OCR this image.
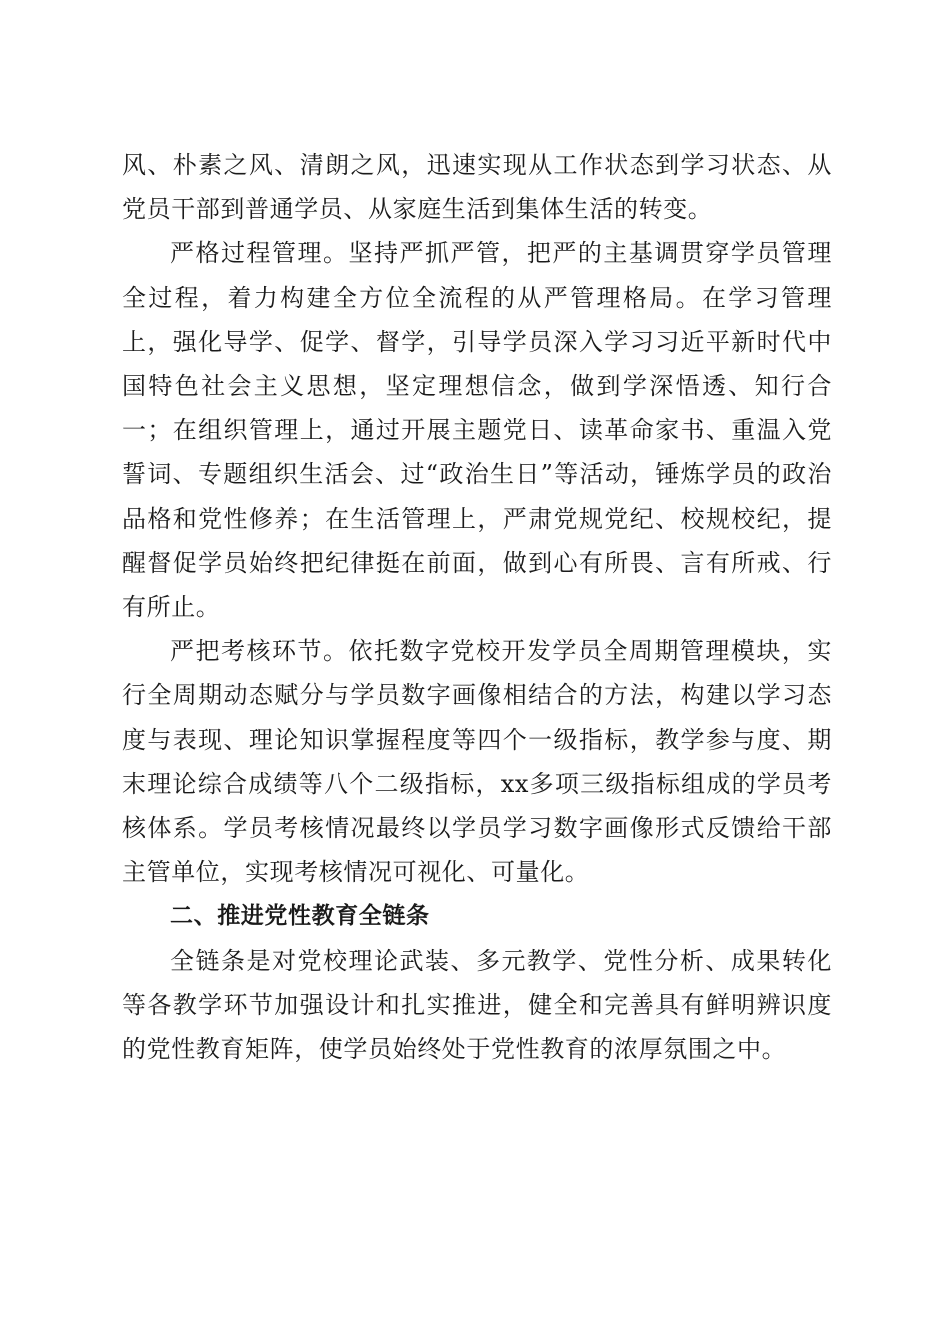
风、朴素之风、清朗之风，迅速实现从工作状态到学习状态、从党员干部到普通学员、从家庭生活到集体生活的转变。

严格过程管理。坚持严抓严管，把严的主基调贯穿学员管理全过程，着力构建全方位全流程的从严管理格局。在学习管理上，强化导学、促学、督学，引导学员深入学习习近平新时代中国特色社会主义思想，坚定理想信念，做到学深悟透、知行合一；在组织管理上，通过开展主题党日、读革命家书、重温入党誓词、专题组织生活会、过“政治生日”等活动，锤炼学员的政治品格和党性修养；在生活管理上，严肃党规党纪、校规校纪，提醒督促学员始终把纪律挺在前面，做到心有所畏、言有所戒、行有所止。

严把考核环节。依托数字党校开发学员全周期管理模块，实行全周期动态赋分与学员数字画像相结合的方法，构建以学习态度与表现、理论知识掌握程度等四个一级指标，教学参与度、期末理论综合成绩等八个二级指标，xx多项三级指标组成的学员考核体系。学员考核情况最终以学员学习数字画像形式反馈给干部主管单位，实现考核情况可视化、可量化。

二、推进党性教育全链条

全链条是对党校理论武装、多元教学、党性分析、成果转化等各教学环节加强设计和扎实推进，健全和完善具有鲜明辨识度的党性教育矩阵，使学员始终处于党性教育的浓厚氛围之中。
